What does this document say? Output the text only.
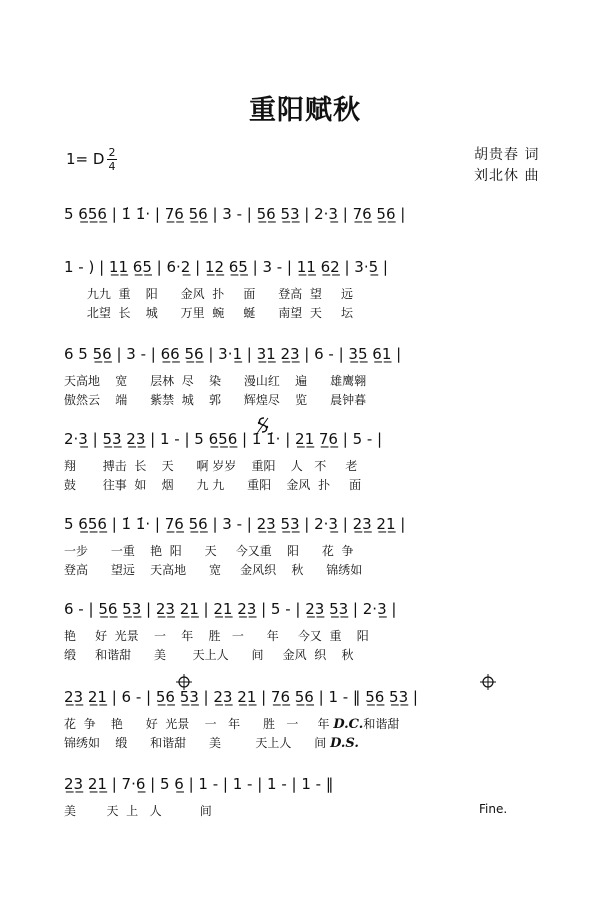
重阳赋秋
1= D 2
4
胡贵春 词
刘北休 曲
5 6̲5̲6̲ | 1̇ 1̇· | 7̲6̲ 5̲6̲ | 3 - | 5̲6̲ 5̲3̲ | 2·3̲ | 7̲6̲ 5̲6̲ |
1 - ) | 1̲1̲ 6̲5̲ | 6·2̲ | 1̲2̲ 6̲5̲ | 3 - | 1̲1̲ 6̲2̲ | 3·5̲ |
九九  重    阳      金风  扑     面      登高  望     远
北望  长    城      万里  蜿     蜒      南望  天     坛
6 5 5̲6̲ | 3 - | 6̲6̲ 5̲6̲ | 3·1̲ | 3̲1̲ 2̲3̲ | 6 - | 3̲5̲ 6̲1̲ |
天高地    宽      层林  尽    染      漫山红    遍      雄鹰翱
傲然云    端      紫禁  城    郭      辉煌尽    览      晨钟暮
2·3̲ | 5̲3̲ 2̲3̲ | 1 - | 5 6̲5̲6̲ | 1̇ 1̇· | 2̲1̲ 7̲6̲ | 5 - |
翔       搏击  长    天      啊 岁岁    重阳    人   不     老
鼓       往事  如    烟      九 九      重阳    金风  扑     面
5 6̲5̲6̲ | 1̇ 1̇· | 7̲6̲ 5̲6̲ | 3 - | 2̲3̲ 5̲3̲ | 2·3̲ | 2̲3̲ 2̲1̲ |
一步      一重    艳  阳      天     今又重    阳      花  争
登高      望远    天高地      宽     金风织    秋      锦绣如
6 - | 5̲6̲ 5̲3̲ | 2̲3̲ 2̲1̲ | 2̲1̲ 2̲3̲ | 5 - | 2̲3̲ 5̲3̲ | 2·3̲ |
艳     好  光景    一    年    胜   一      年     今又  重    阳
缎     和谐甜      美       天上人      间     金风  织    秋
2̲3̲ 2̲1̲ | 6 - | 5̲6̲ 5̲3̲ | 2̲3̲ 2̲1̲ | 7̲6̲ 5̲6̲ | 1 - ‖ 5̲6̲ 5̲3̲ |
花  争    艳      好  光景    一   年      胜   一     年 D.C.和谐甜
锦绣如    缎      和谐甜      美         天上人      间 D.S.
2̲3̲ 2̲1̲ | 7·6̲ | 5 6̲ | 1 - | 1 - | 1 - | 1 - ‖
美        天  上   人          间	Fine.
